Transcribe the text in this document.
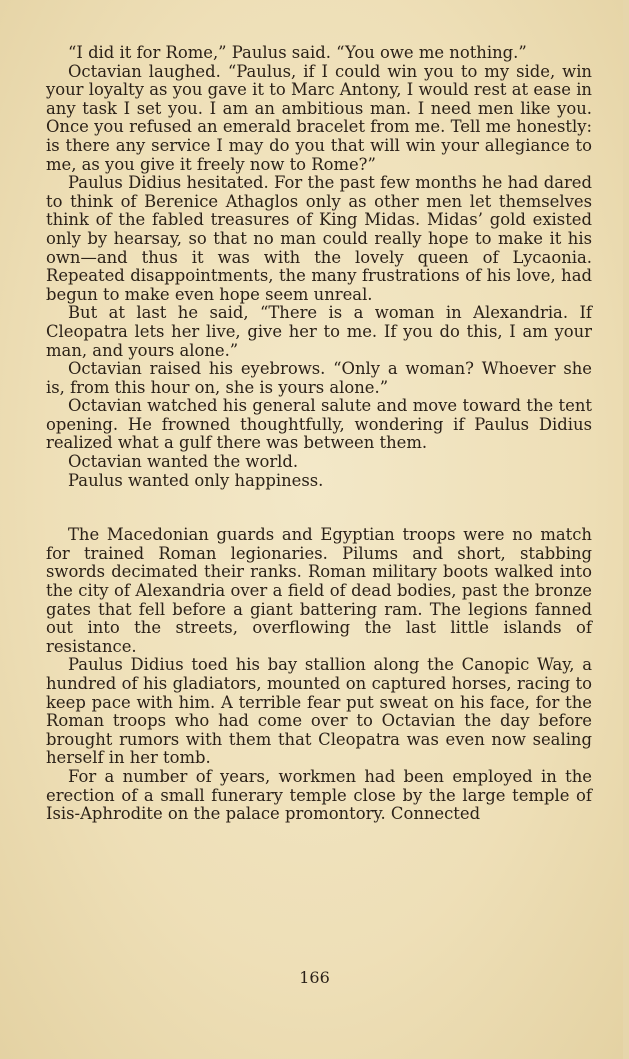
“I did it for Rome,” Paulus said. “You owe me nothing.”

Octavian laughed. “Paulus, if I could win you to my side, win your loyalty as you gave it to Marc Antony, I would rest at ease in any task I set you. I am an ambitious man. I need men like you. Once you refused an emerald bracelet from me. Tell me honestly: is there any service I may do you that will win your allegiance to me, as you give it freely now to Rome?”

Paulus Didius hesitated. For the past few months he had dared to think of Berenice Athaglos only as other men let themselves think of the fabled treasures of King Midas. Midas’ gold existed only by hearsay, so that no man could really hope to make it his own—and thus it was with the lovely queen of Lycaonia. Repeated disappointments, the many frustrations of his love, had begun to make even hope seem unreal.

But at last he said, “There is a woman in Alexandria. If Cleopatra lets her live, give her to me. If you do this, I am your man, and yours alone.”

Octavian raised his eyebrows. “Only a woman? Whoever she is, from this hour on, she is yours alone.”

Octavian watched his general salute and move toward the tent opening. He frowned thoughtfully, wondering if Paulus Didius realized what a gulf there was between them.

Octavian wanted the world.

Paulus wanted only happiness.

The Macedonian guards and Egyptian troops were no match for trained Roman legionaries. Pilums and short, stabbing swords decimated their ranks. Roman military boots walked into the city of Alexandria over a field of dead bodies, past the bronze gates that fell before a giant battering ram. The legions fanned out into the streets, overflowing the last little islands of resistance.

Paulus Didius toed his bay stallion along the Canopic Way, a hundred of his gladiators, mounted on captured horses, racing to keep pace with him. A terrible fear put sweat on his face, for the Roman troops who had come over to Octavian the day before brought rumors with them that Cleopatra was even now sealing herself in her tomb.

For a number of years, workmen had been employed in the erection of a small funerary temple close by the large temple of Isis-Aphrodite on the palace promontory. Connected

166
